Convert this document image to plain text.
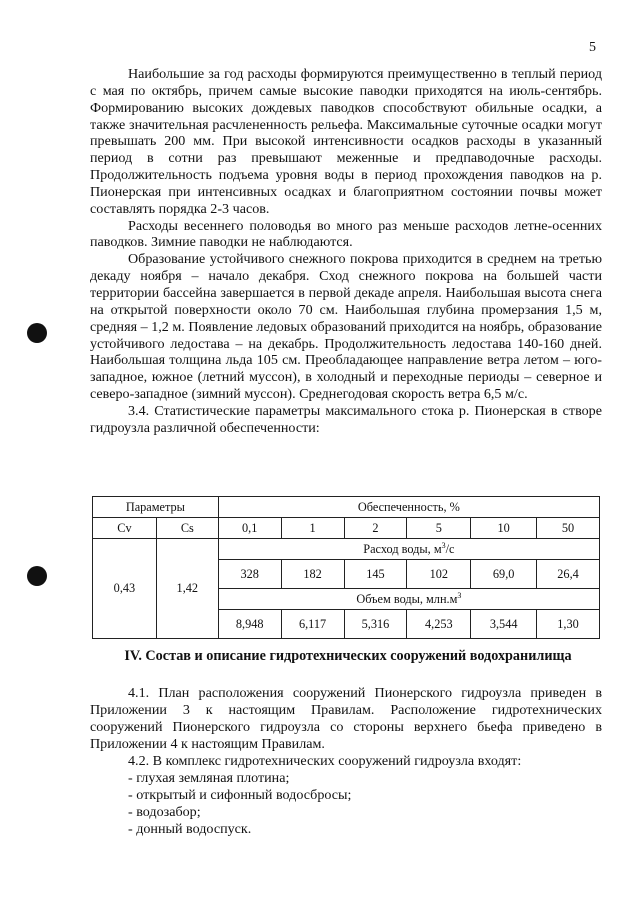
5

Наибольшие за год расходы формируются преимущественно в теплый период с мая по октябрь, причем самые высокие паводки приходятся на июль-сентябрь. Формированию высоких дождевых паводков способствуют обильные осадки, а также значительная расчлененность рельефа. Максимальные суточные осадки могут превышать 200 мм. При высокой интенсивности осадков расходы в указанный период в сотни раз превышают меженные и предпаводочные расходы. Продолжительность подъема уровня воды в период прохождения паводков на р. Пионерская при интенсивных осадках и благоприятном состоянии почвы может составлять порядка 2-3 часов.

Расходы весеннего половодья во много раз меньше расходов летне-осенних паводков. Зимние паводки не наблюдаются.

Образование устойчивого снежного покрова приходится в среднем на третью декаду ноября – начало декабря. Сход снежного покрова на большей части территории бассейна завершается в первой декаде апреля. Наибольшая высота снега на открытой поверхности около 70 см. Наибольшая глубина промерзания 1,5 м, средняя – 1,2 м. Появление ледовых образований приходится на ноябрь, образование устойчивого ледостава – на декабрь. Продолжительность ледостава 140-160 дней. Наибольшая толщина льда 105 см. Преобладающее направление ветра летом – юго-западное, южное (летний муссон), в холодный и переходные периоды – северное и северо-западное (зимний муссон). Среднегодовая скорость ветра 6,5 м/с.

3.4. Статистические параметры максимального стока р. Пионерская в створе гидроузла различной обеспеченности:

Параметры		Обеспеченность, %					
Cv	Cs	0,1	1	2	5	10	50
0,43	1,42	Расход воды, $м^3/с$					
		328	182	145	102	69,0	26,4
		Объем воды, $млн.м^3$
		8,948	6,117	5,316	4,253	3,544	1,30
IV. Состав и описание гидротехнических сооружений водохранилища

4.1. План расположения сооружений Пионерского гидроузла приведен в Приложении 3 к настоящим Правилам. Расположение гидротехнических сооружений Пионерского гидроузла со стороны верхнего бьефа приведено в Приложении 4 к настоящим Правилам.

4.2. В комплекс гидротехнических сооружений гидроузла входят:

- глухая земляная плотина;
- открытый и сифонный водосбросы;
- водозабор;
- донный водоспуск.
